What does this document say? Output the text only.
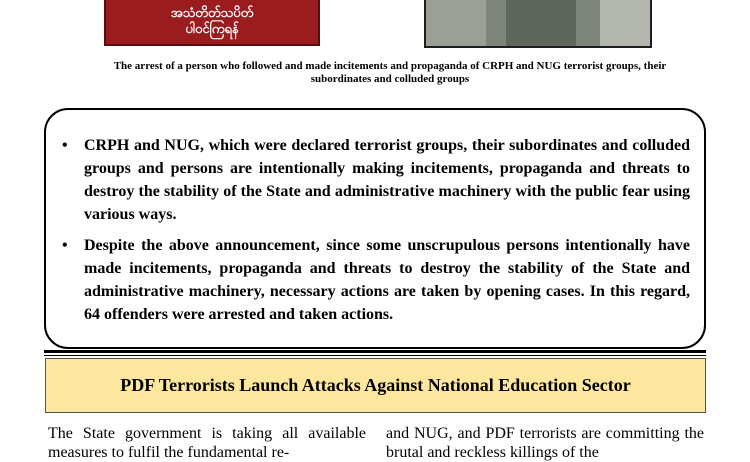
အသံတိတ်သပိတ်
ပါဝင်ကြရန်
The arrest of a person who followed and made incitements and propaganda of CRPH and NUG terrorist groups, their subordinates and colluded groups
• CRPH and NUG, which were declared terrorist groups, their subordinates and colluded groups and persons are intentionally making incitements, propaganda and threats to destroy the stability of the State and administrative machinery with the public fear using various ways.
• Despite the above announcement, since some unscrupulous persons intentionally have made incitements, propaganda and threats to destroy the stability of the State and administrative machinery, necessary actions are taken by opening cases. In this regard, 64 offenders were arrested and taken actions.
PDF Terrorists Launch Attacks Against National Education Sector
The State government is taking all available measures to fulfil the fundamental re-
and NUG, and PDF terrorists are committing the brutal and reckless killings of the
